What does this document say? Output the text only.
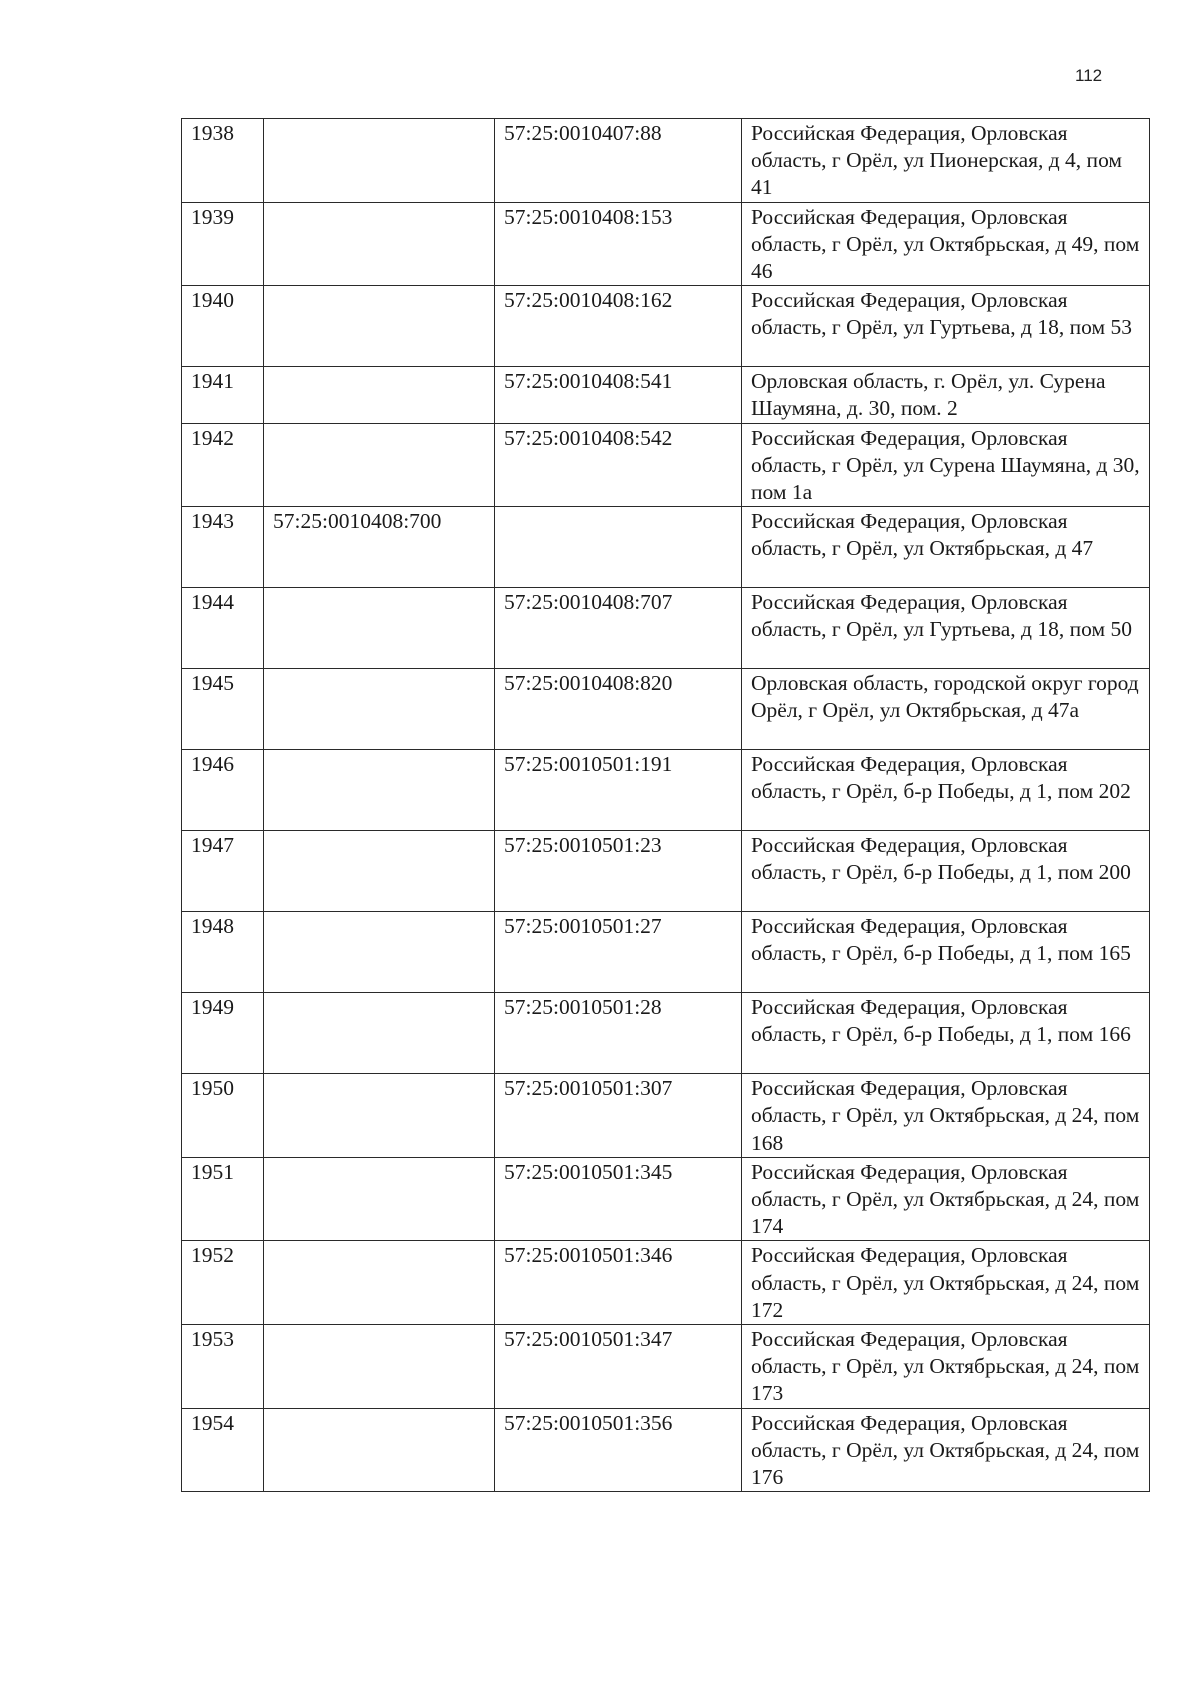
112
1938		57:25:0010407:88	Российская Федерация, Орловская область, г Орёл, ул Пионерская, д 4, пом 41
1939		57:25:0010408:153	Российская Федерация, Орловская область, г Орёл, ул Октябрьская, д 49, пом 46
1940		57:25:0010408:162	Российская Федерация, Орловская область, г Орёл, ул Гуртьева, д 18, пом 53
1941		57:25:0010408:541	Орловская область, г. Орёл, ул. Сурена Шаумяна, д. 30, пом. 2
1942		57:25:0010408:542	Российская Федерация, Орловская область, г Орёл, ул Сурена Шаумяна, д 30, пом 1а
1943	57:25:0010408:700		Российская Федерация, Орловская область, г Орёл, ул Октябрьская, д 47
1944		57:25:0010408:707	Российская Федерация, Орловская область, г Орёл, ул Гуртьева, д 18, пом 50
1945		57:25:0010408:820	Орловская область, городской округ город Орёл, г Орёл, ул Октябрьская, д 47а
1946		57:25:0010501:191	Российская Федерация, Орловская область, г Орёл, б-р Победы, д 1, пом 202
1947		57:25:0010501:23	Российская Федерация, Орловская область, г Орёл, б-р Победы, д 1, пом 200
1948		57:25:0010501:27	Российская Федерация, Орловская область, г Орёл, б-р Победы, д 1, пом 165
1949		57:25:0010501:28	Российская Федерация, Орловская область, г Орёл, б-р Победы, д 1, пом 166
1950		57:25:0010501:307	Российская Федерация, Орловская область, г Орёл, ул Октябрьская, д 24, пом 168
1951		57:25:0010501:345	Российская Федерация, Орловская область, г Орёл, ул Октябрьская, д 24, пом 174
1952		57:25:0010501:346	Российская Федерация, Орловская область, г Орёл, ул Октябрьская, д 24, пом 172
1953		57:25:0010501:347	Российская Федерация, Орловская область, г Орёл, ул Октябрьская, д 24, пом 173
1954		57:25:0010501:356	Российская Федерация, Орловская область, г Орёл, ул Октябрьская, д 24, пом 176
